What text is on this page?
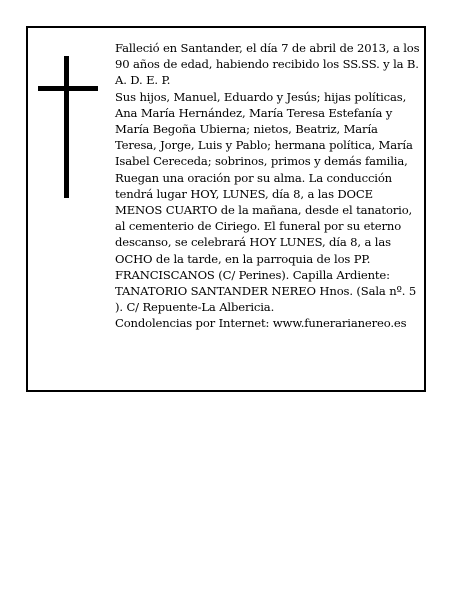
Falleció en Santander, el día 7 de abril de 2013, a los 90 años de edad, habiendo recibido los SS.SS. y la B. A. D. E. P.

Sus hijos, Manuel, Eduardo y Jesús; hijas políticas, Ana María Hernández, María Teresa Estefanía y María Begoña Ubierna; nietos, Beatriz, María Teresa, Jorge, Luis y Pablo; hermana política, María Isabel Cereceda; sobrinos, primos y demás familia,

Ruegan una oración por su alma. La conducción tendrá lugar HOY, LUNES, día 8, a las DOCE MENOS CUARTO de la mañana, desde el tanatorio, al cementerio de Ciriego. El funeral por su eterno descanso, se celebrará HOY LUNES, día 8, a las OCHO de la tarde, en la parroquia de los PP. FRANCISCANOS (C/ Perines). Capilla Ardiente: TANATORIO SANTANDER NEREO Hnos. (Sala nº. 5 ). C/ Repuente-La Albericia.

Condolencias por Internet: www.funerarianereo.es
